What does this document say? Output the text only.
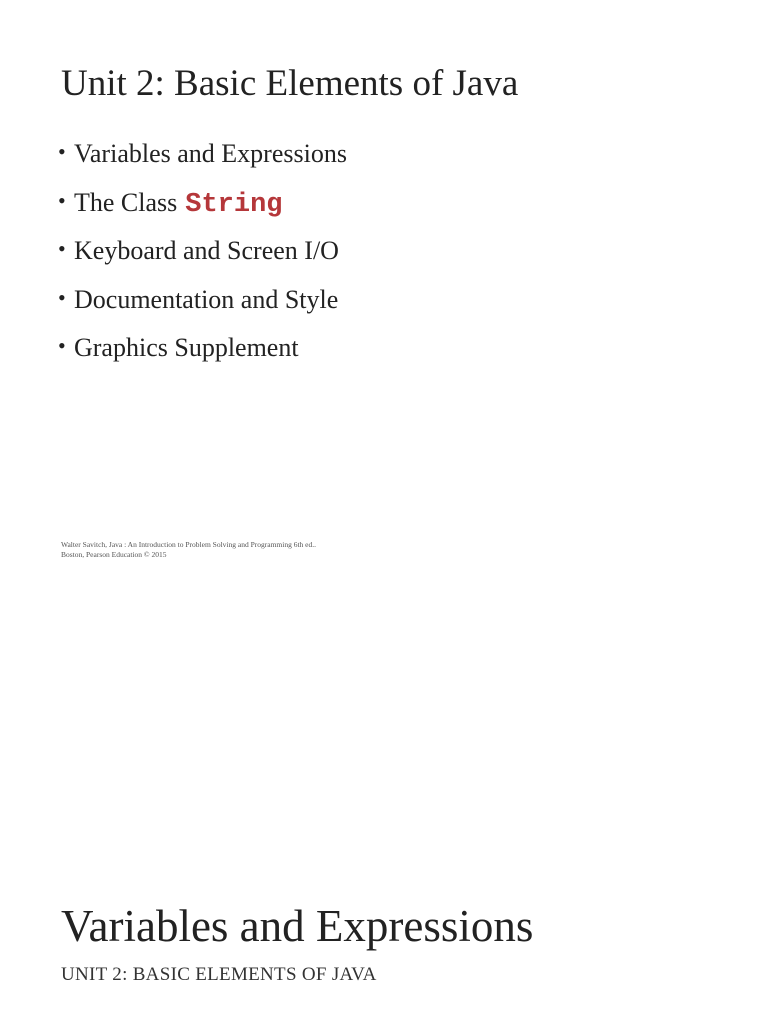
Unit 2: Basic Elements of Java
• Variables and Expressions
• The Class String
• Keyboard and Screen I/O
• Documentation and Style
• Graphics Supplement
Walter Savitch, Java : An Introduction to Problem Solving and Programming 6th ed..
Boston, Pearson Education © 2015
Variables and Expressions
UNIT 2: BASIC ELEMENTS OF JAVA
